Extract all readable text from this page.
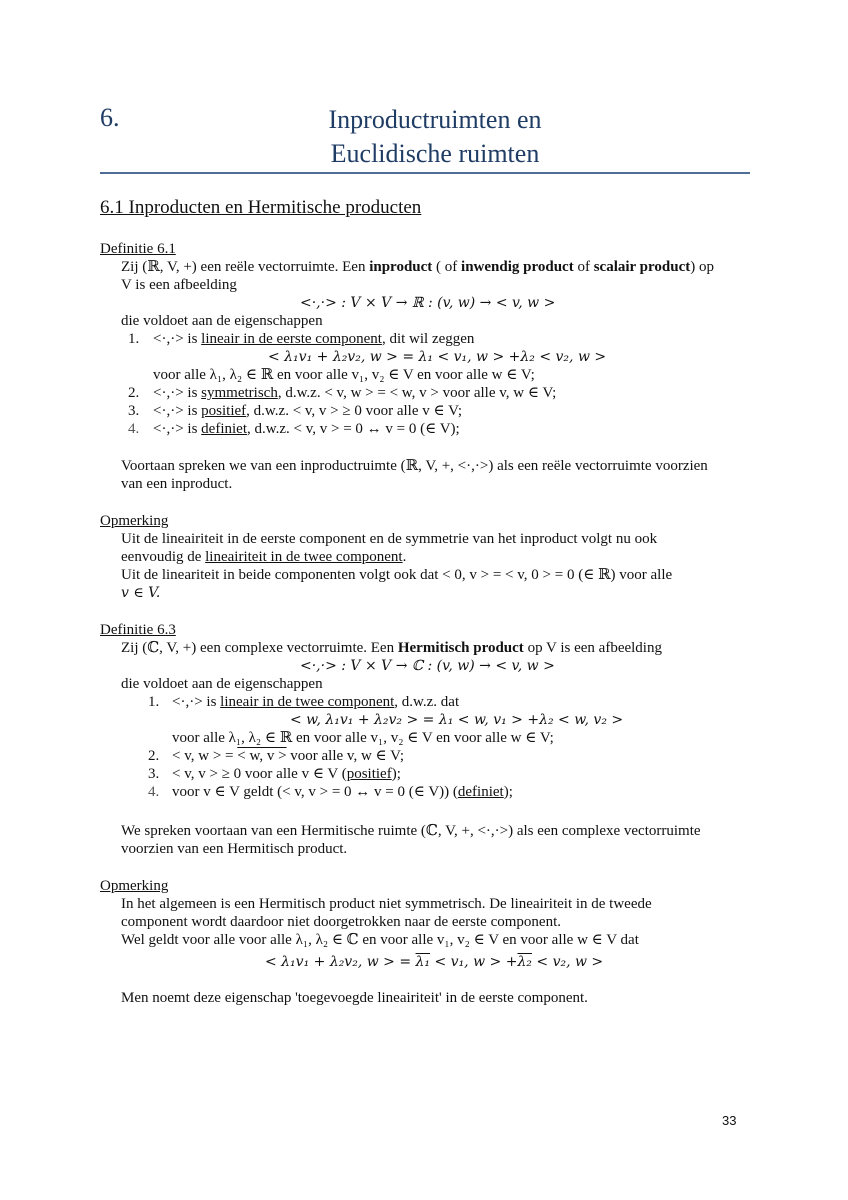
6.	Inproductruimten en
Euclidische ruimten
6.1 Inproducten en Hermitische producten
Definitie 6.1
Zij (ℝ, V, +) een reële vectorruimte. Een inproduct ( of inwendig product of scalair product) op
V is een afbeelding
<·,·> : V × V → ℝ : (v, w) → < v, w >
die voldoet aan de eigenschappen
1. <·,·> is lineair in de eerste component, dit wil zeggen
< λ₁v₁ + λ₂v₂, w > = λ₁ < v₁, w > +λ₂ < v₂, w >
voor alle λ₁, λ₂ ∈ ℝ en voor alle v₁, v₂ ∈ V en voor alle w ∈ V;
2. <·,·> is symmetrisch, d.w.z. < v, w > = < w, v > voor alle v, w ∈ V;
3. <·,·> is positief, d.w.z. < v, v > ≥ 0 voor alle v ∈ V;
4. <·,·> is definiet, d.w.z. < v, v > = 0 ↔ v = 0 (∈ V);
Voortaan spreken we van een inproductruimte (ℝ, V, +, <·,·>) als een reële vectorruimte voorzien
van een inproduct.
Opmerking
Uit de lineairiteit in de eerste component en de symmetrie van het inproduct volgt nu ook
eenvoudig de lineairiteit in de twee component.
Uit de lineariteit in beide componenten volgt ook dat < 0, v > = < v, 0 > = 0 (∈ ℝ) voor alle
v ∈ V.
Definitie 6.3
Zij (ℂ, V, +) een complexe vectorruimte. Een Hermitisch product op V is een afbeelding
<·,·> : V × V → ℂ : (v, w) → < v, w >
die voldoet aan de eigenschappen
1. <·,·> is lineair in de twee component, d.w.z. dat
< w, λ₁v₁ + λ₂v₂ > = λ₁ < w, v₁ > +λ₂ < w, v₂ >
voor alle λ₁, λ₂ ∈ ℝ en voor alle v₁, v₂ ∈ V en voor alle w ∈ V;
2. < v, w > = < w, v > voor alle v, w ∈ V;
3. < v, v > ≥ 0 voor alle v ∈ V (positief);
4. voor v ∈ V geldt (< v, v > = 0 ↔ v = 0 (∈ V)) (definiet);
We spreken voortaan van een Hermitische ruimte (ℂ, V, +, <·,·>) als een complexe vectorruimte
voorzien van een Hermitisch product.
Opmerking
In het algemeen is een Hermitisch product niet symmetrisch. De lineairiteit in de tweede
component wordt daardoor niet doorgetrokken naar de eerste component.
Wel geldt voor alle voor alle λ₁, λ₂ ∈ ℂ en voor alle v₁, v₂ ∈ V en voor alle w ∈ V dat
< λ₁v₁ + λ₂v₂, w > = λ₁ < v₁, w > +λ₂ < v₂, w >
Men noemt deze eigenschap 'toegevoegde lineairiteit' in de eerste component.
33
